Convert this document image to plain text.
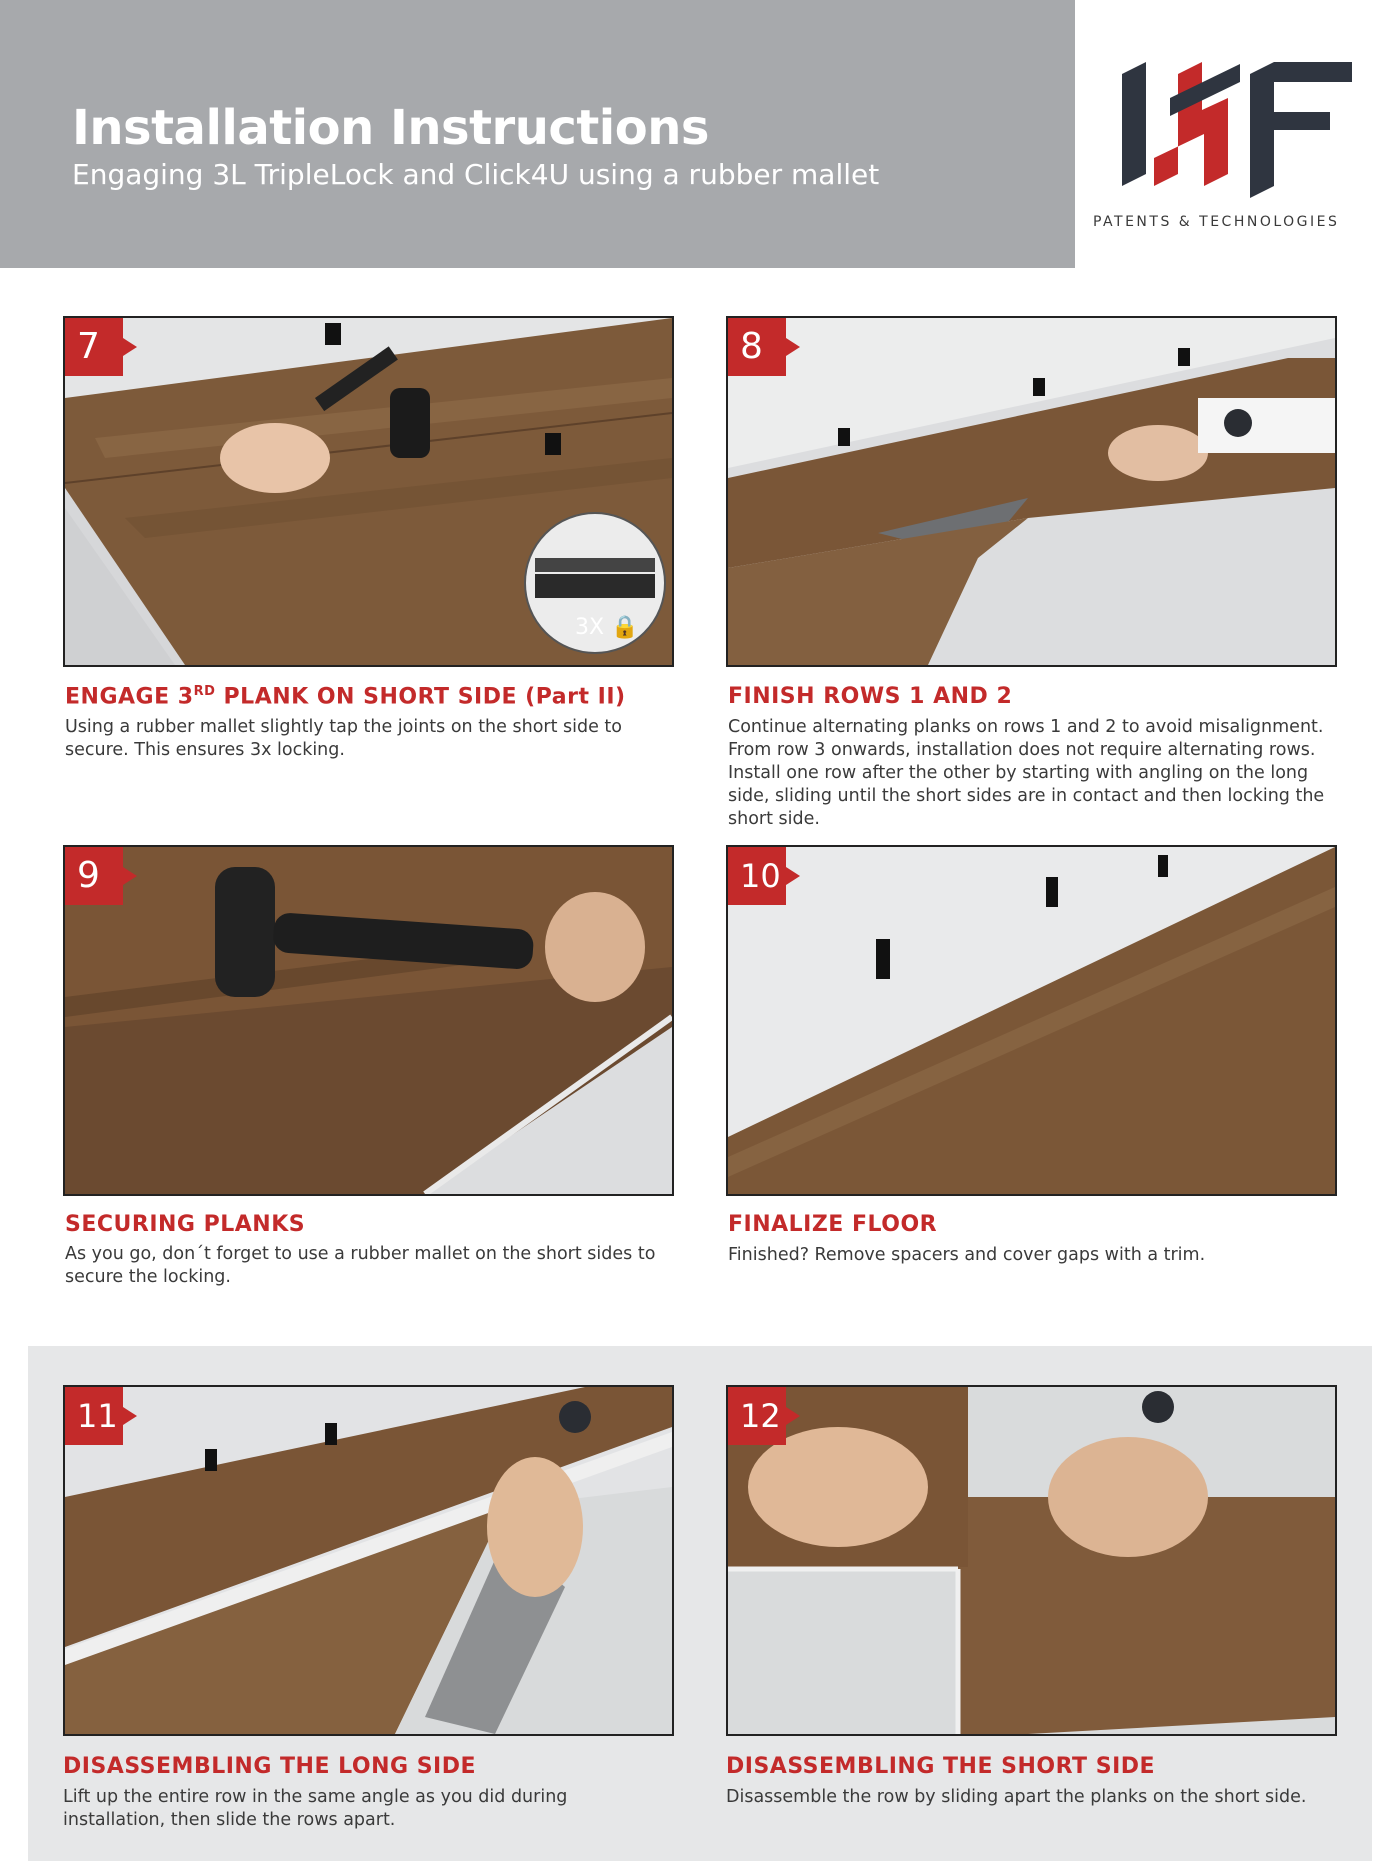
Installation Instructions

Engaging 3L TripleLock and Click4U using a rubber mallet

PATENTS & TECHNOLOGIES
7
3X 🔒
ENGAGE 3RD PLANK ON SHORT SIDE (Part II)

Using a rubber mallet slightly tap the joints on the short side to secure. This ensures 3x locking.

8
FINISH ROWS 1 AND 2

Continue alternating planks on rows 1 and 2 to avoid misalignment. From row 3 onwards, installation does not require alternating rows. Install one row after the other by starting with angling on the long side, sliding until the short sides are in contact and then locking the short side.

9
SECURING PLANKS

As you go, don´t forget to use a rubber mallet on the short sides to secure the locking.

10
FINALIZE FLOOR

Finished? Remove spacers and cover gaps with a trim.

11
DISASSEMBLING THE LONG SIDE

Lift up the entire row in the same angle as you did during installation, then slide the rows apart.

12
DISASSEMBLING THE SHORT SIDE

Disassemble the row by sliding apart the planks on the short side.
